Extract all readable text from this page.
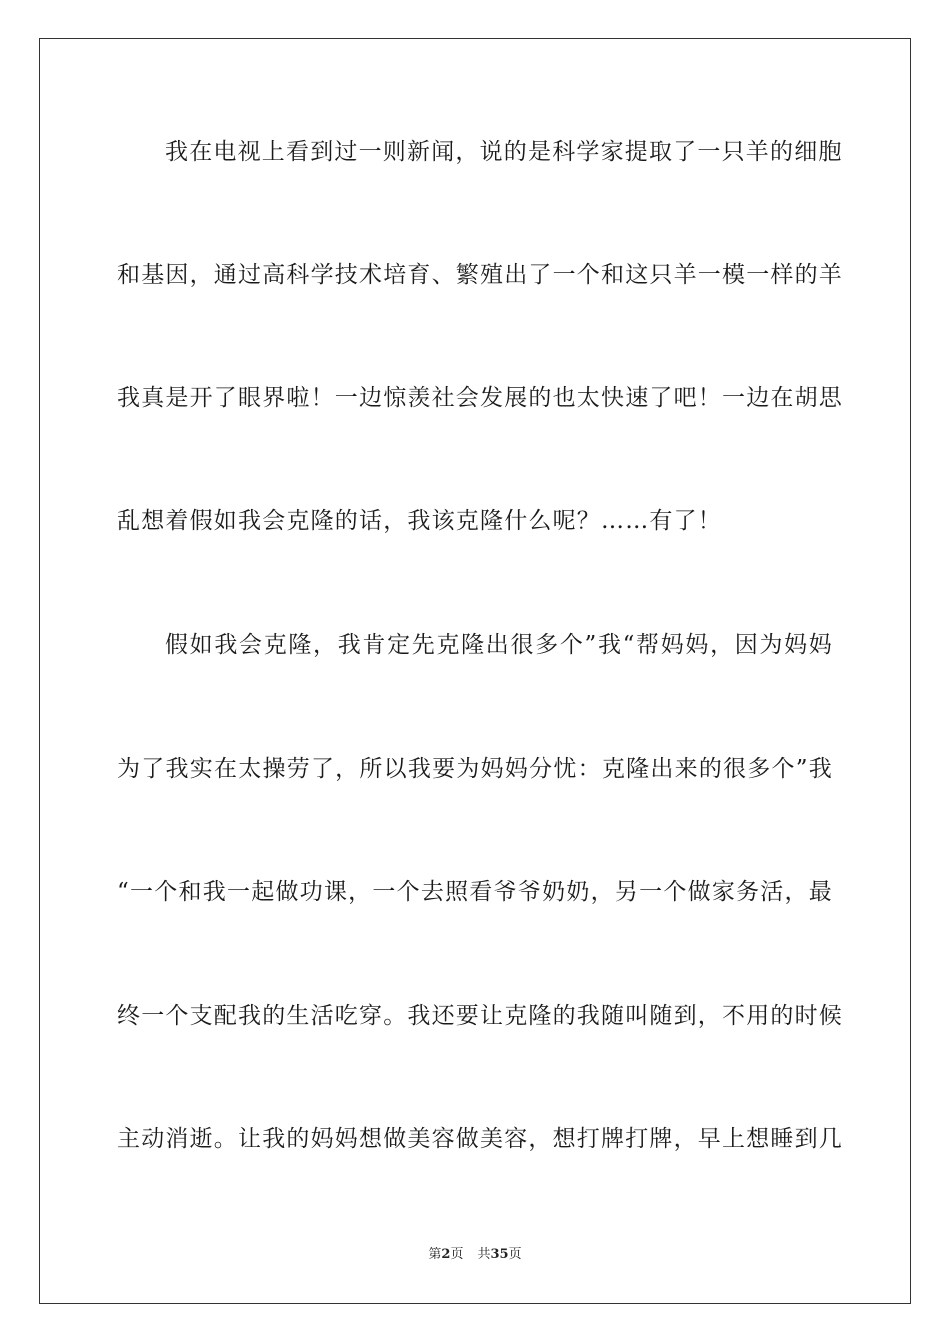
我在电视上看到过一则新闻，说的是科学家提取了一只羊的细胞
和基因，通过高科学技术培育、繁殖出了一个和这只羊一模一样的羊
我真是开了眼界啦！一边惊羡社会发展的也太快速了吧！一边在胡思
乱想着假如我会克隆的话，我该克隆什么呢？……有了！
假如我会克隆，我肯定先克隆出很多个”我“帮妈妈，因为妈妈
为了我实在太操劳了，所以我要为妈妈分忧：克隆出来的很多个”我
“一个和我一起做功课，一个去照看爷爷奶奶，另一个做家务活，最
终一个支配我的生活吃穿。我还要让克隆的我随叫随到，不用的时候
主动消逝。让我的妈妈想做美容做美容，想打牌打牌，早上想睡到几
第2页 共35页
